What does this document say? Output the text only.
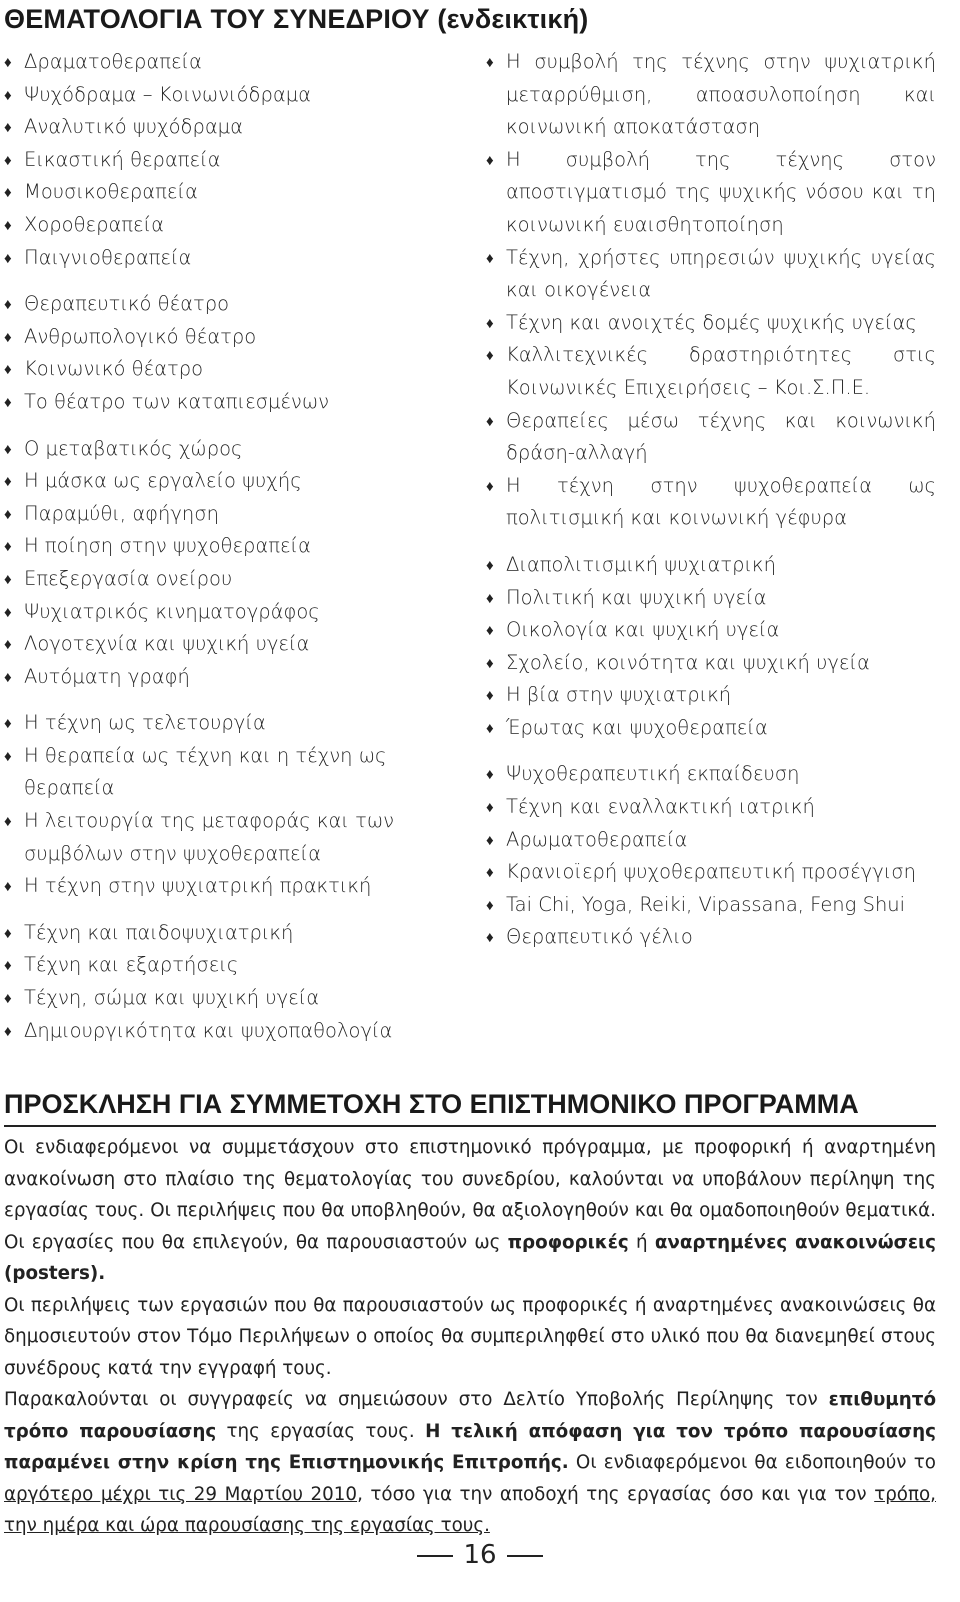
ΘΕΜΑΤΟΛΟΓΙΑ ΤΟΥ ΣΥΝΕΔΡΙΟΥ (ενδεικτική)
♦ Δραματοθεραπεία
♦ Ψυχόδραμα – Κοινωνιόδραμα
♦ Αναλυτικό ψυχόδραμα
♦ Εικαστική θεραπεία
♦ Μουσικοθεραπεία
♦ Χοροθεραπεία
♦ Παιγνιοθεραπεία
♦ Θεραπευτικό θέατρο
♦ Ανθρωπολογικό θέατρο
♦ Κοινωνικό θέατρο
♦ Το θέατρο των καταπιεσμένων
♦ Ο μεταβατικός χώρος
♦ Η μάσκα ως εργαλείο ψυχής
♦ Παραμύθι, αφήγηση
♦ Η ποίηση στην ψυχοθεραπεία
♦ Επεξεργασία ονείρου
♦ Ψυχιατρικός κινηματογράφος
♦ Λογοτεχνία και ψυχική υγεία
♦ Αυτόματη γραφή
♦ Η τέχνη ως τελετουργία
♦ Η θεραπεία ως τέχνη και η τέχνη ως θεραπεία
♦ Η λειτουργία της μεταφοράς και των συμβόλων στην ψυχοθεραπεία
♦ Η τέχνη στην ψυχιατρική πρακτική
♦ Τέχνη και παιδοψυχιατρική
♦ Τέχνη και εξαρτήσεις
♦ Τέχνη, σώμα και ψυχική υγεία
♦ Δημιουργικότητα και ψυχοπαθολογία
♦ Η συμβολή της τέχνης στην ψυχιατρική μεταρρύθμιση, αποασυλοποίηση και κοινωνική αποκατάσταση
♦ Η συμβολή της τέχνης στον αποστιγματισμό της ψυχικής νόσου και τη κοινωνική ευαισθητοποίηση
♦ Τέχνη, χρήστες υπηρεσιών ψυχικής υγείας και οικογένεια
♦ Τέχνη και ανοιχτές δομές ψυχικής υγείας
♦ Καλλιτεχνικές δραστηριότητες στις Κοινωνικές Επιχειρήσεις – Κοι.Σ.Π.Ε.
♦ Θεραπείες μέσω τέχνης και κοινωνική δράση-αλλαγή
♦ Η τέχνη στην ψυχοθεραπεία ως πολιτισμική και κοινωνική γέφυρα
♦ Διαπολιτισμική ψυχιατρική
♦ Πολιτική και ψυχική υγεία
♦ Οικολογία και ψυχική υγεία
♦ Σχολείο, κοινότητα και ψυχική υγεία
♦ Η βία στην ψυχιατρική
♦ Έρωτας και ψυχοθεραπεία
♦ Ψυχοθεραπευτική εκπαίδευση
♦ Τέχνη και εναλλακτική ιατρική
♦ Αρωματοθεραπεία
♦ Κρανιοϊερή ψυχοθεραπευτική προσέγγιση
♦ Tai Chi, Yoga, Reiki, Vipassana, Feng Shui
♦ Θεραπευτικό γέλιο
ΠΡΟΣΚΛΗΣΗ ΓΙΑ ΣΥΜΜΕΤΟΧΗ ΣΤΟ ΕΠΙΣΤΗΜΟΝΙΚΟ ΠΡΟΓΡΑΜΜΑ

Οι ενδιαφερόμενοι να συμμετάσχουν στο επιστημονικό πρόγραμμα, με προφορική ή αναρτημένη ανακοίνωση στο πλαίσιο της θεματολογίας του συνεδρίου, καλούνται να υποβάλουν περίληψη της εργασίας τους. Οι περιλήψεις που θα υποβληθούν, θα αξιολογηθούν και θα ομαδοποιηθούν θεματικά. Οι εργασίες που θα επιλεγούν, θα παρουσιαστούν ως προφορικές ή αναρτημένες ανακοινώσεις (posters).

Οι περιλήψεις των εργασιών που θα παρουσιαστούν ως προφορικές ή αναρτημένες ανακοινώσεις θα δημοσιευτούν στον Τόμο Περιλήψεων ο οποίος θα συμπεριληφθεί στο υλικό που θα διανεμηθεί στους συνέδρους κατά την εγγραφή τους.

Παρακαλούνται οι συγγραφείς να σημειώσουν στο Δελτίο Υποβολής Περίληψης τον επιθυμητό τρόπο παρουσίασης της εργασίας τους. Η τελική απόφαση για τον τρόπο παρουσίασης παραμένει στην κρίση της Επιστημονικής Επιτροπής. Οι ενδιαφερόμενοι θα ειδοποιηθούν το αργότερο μέχρι τις 29 Μαρτίου 2010, τόσο για την αποδοχή της εργασίας όσο και για τον τρόπο, την ημέρα και ώρα παρουσίασης της εργασίας τους.

16
